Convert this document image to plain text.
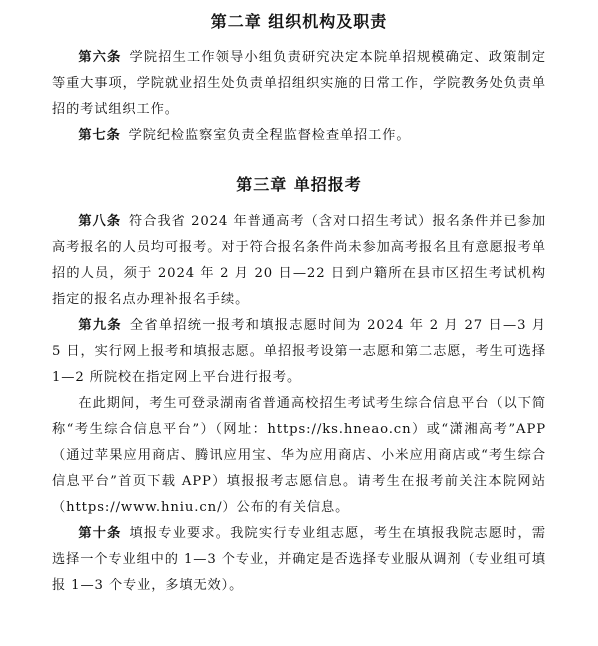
第二章 组织机构及职责

第六条 学院招生工作领导小组负责研究决定本院单招规模确定、政策制定等重大事项，学院就业招生处负责单招组织实施的日常工作，学院教务处负责单招的考试组织工作。

第七条 学院纪检监察室负责全程监督检查单招工作。

第三章 单招报考

第八条 符合我省 2024 年普通高考（含对口招生考试）报名条件并已参加高考报名的人员均可报考。对于符合报名条件尚未参加高考报名且有意愿报考单招的人员，须于 2024 年 2 月 20 日—22 日到户籍所在县市区招生考试机构指定的报名点办理补报名手续。

第九条 全省单招统一报考和填报志愿时间为 2024 年 2 月 27 日—3 月 5 日，实行网上报考和填报志愿。单招报考设第一志愿和第二志愿，考生可选择 1—2 所院校在指定网上平台进行报考。

在此期间，考生可登录湖南省普通高校招生考试考生综合信息平台（以下简称“考生综合信息平台”）（网址：https://ks.hneao.cn）或“潇湘高考”APP（通过苹果应用商店、腾讯应用宝、华为应用商店、小米应用商店或“考生综合信息平台”首页下载 APP）填报报考志愿信息。请考生在报考前关注本院网站（https://www.hniu.cn/）公布的有关信息。

第十条 填报专业要求。我院实行专业组志愿，考生在填报我院志愿时，需选择一个专业组中的 1—3 个专业，并确定是否选择专业服从调剂（专业组可填报 1—3 个专业，多填无效）。
